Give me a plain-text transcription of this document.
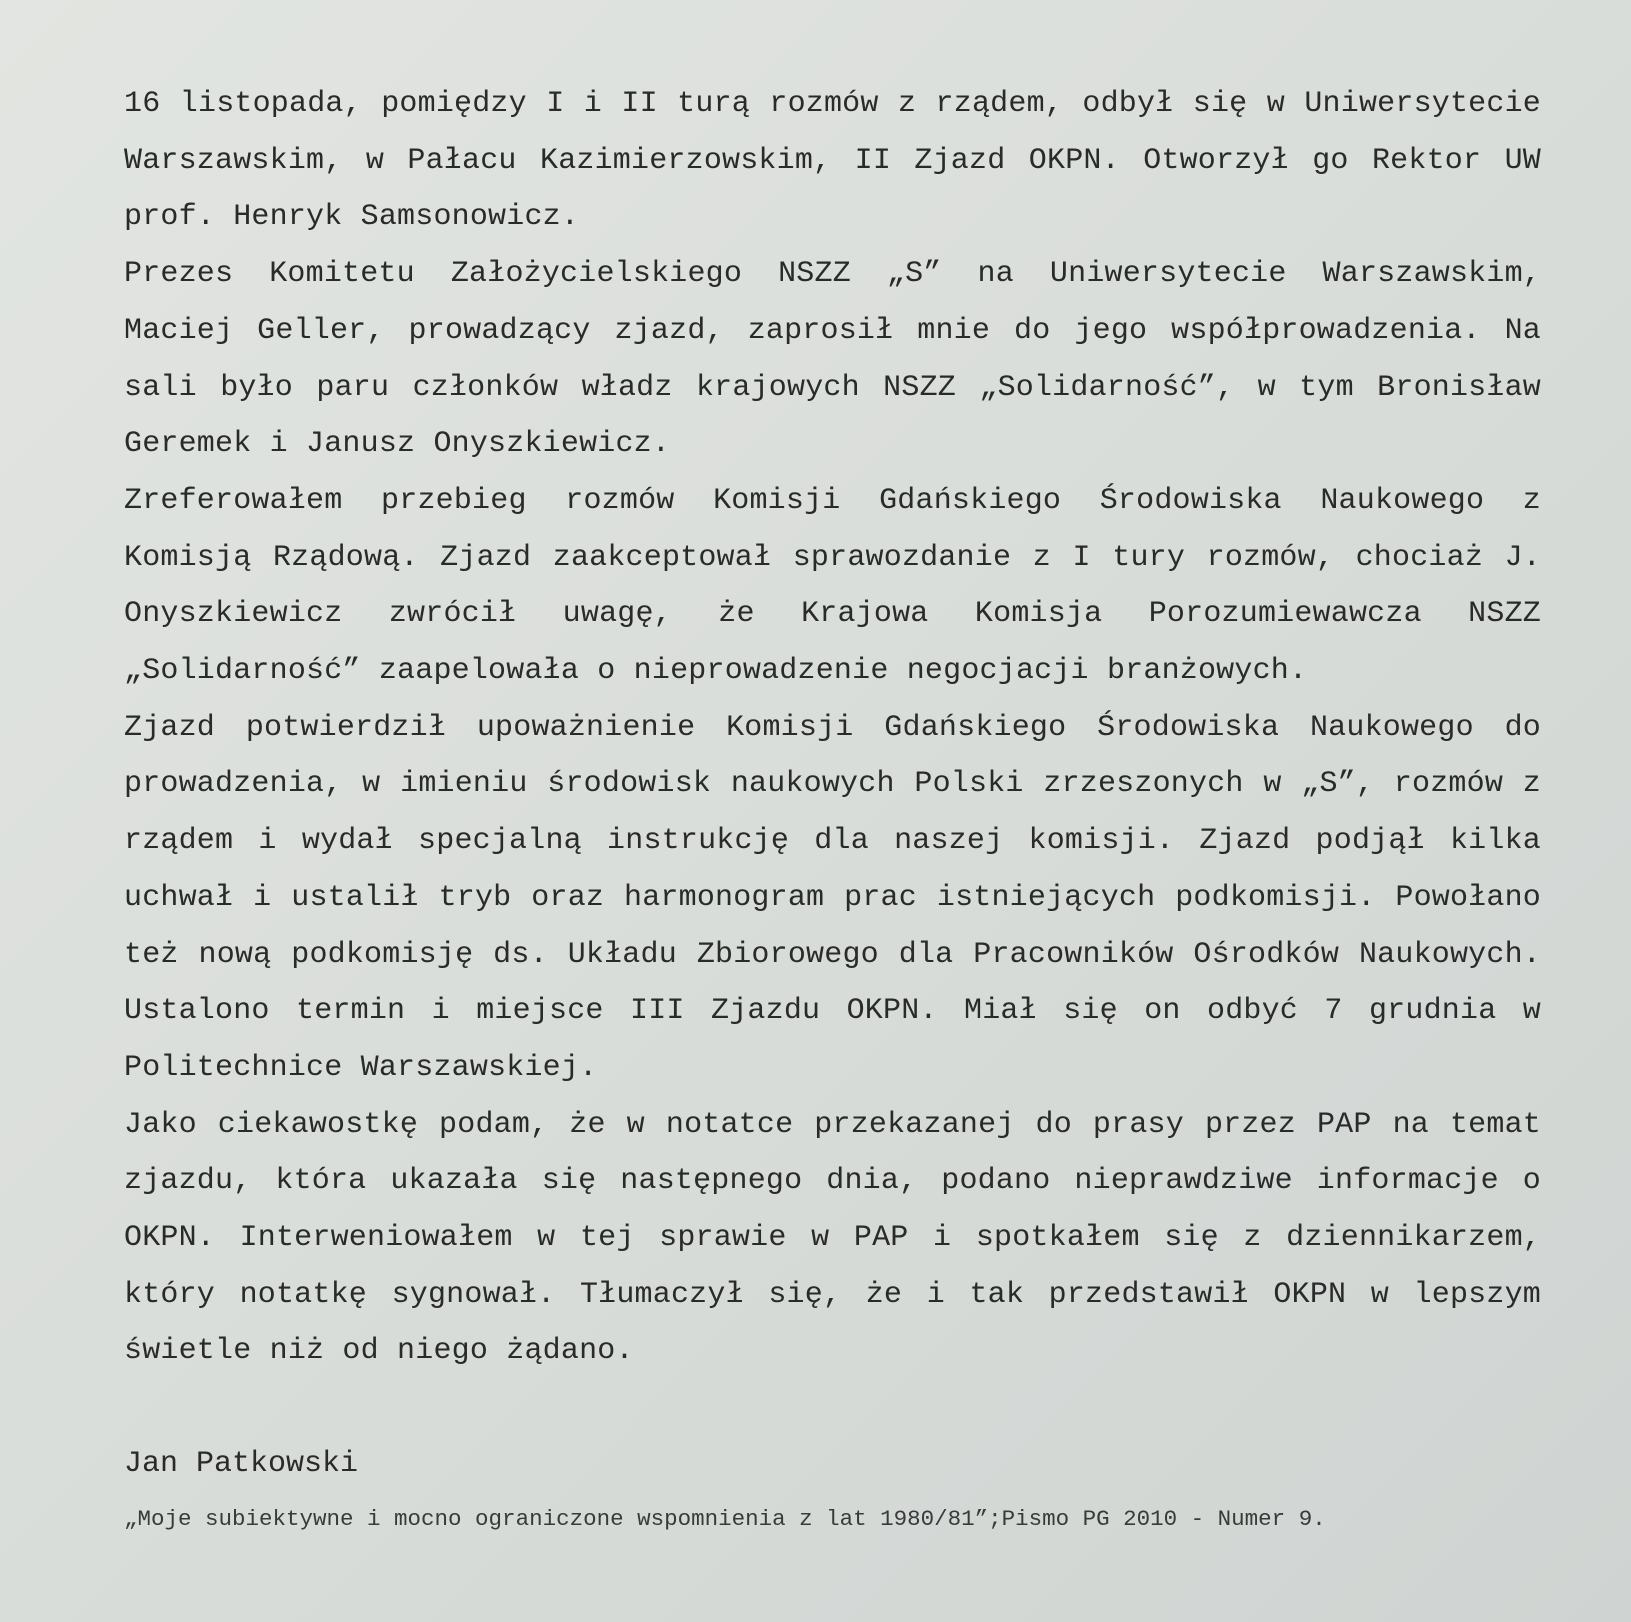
16 listopada, pomiędzy I i II turą rozmów z rządem, odbył się w Uniwersytecie Warszawskim, w Pałacu Kazimierzowskim, II Zjazd OKPN. Otworzył go Rektor UW prof. Henryk Samsonowicz.

Prezes Komitetu Założycielskiego NSZZ „S” na Uniwersytecie Warszawskim, Maciej Geller, prowadzący zjazd, zaprosił mnie do jego współprowadzenia. Na sali było paru członków władz krajowych NSZZ „Solidarność”, w tym Bronisław Geremek i Janusz Onyszkiewicz.

Zreferowałem przebieg rozmów Komisji Gdańskiego Środowiska Naukowego z Komisją Rządową. Zjazd zaakceptował sprawozdanie z I tury rozmów, chociaż J. Onyszkiewicz zwrócił uwagę, że Krajowa Komisja Porozumiewawcza NSZZ „Solidarność” zaapelowała o nieprowadzenie negocjacji branżowych.

Zjazd potwierdził upoważnienie Komisji Gdańskiego Środowiska Naukowego do prowadzenia, w imieniu środowisk naukowych Polski zrzeszonych w „S”, rozmów z rządem i wydał specjalną instrukcję dla naszej komisji. Zjazd podjął kilka uchwał i ustalił tryb oraz harmonogram prac istniejących podkomisji. Powołano też nową podkomisję ds. Układu Zbiorowego dla Pracowników Ośrodków Naukowych. Ustalono termin i miejsce III Zjazdu OKPN. Miał się on odbyć 7 grudnia w Politechnice Warszawskiej.

Jako ciekawostkę podam, że w notatce przekazanej do prasy przez PAP na temat zjazdu, która ukazała się następnego dnia, podano nieprawdziwe informacje o OKPN. Interweniowałem w tej sprawie w PAP i spotkałem się z dziennikarzem, który notatkę sygnował. Tłumaczył się, że i tak przedstawił OKPN w lepszym świetle niż od niego żądano.

Jan Patkowski
„Moje subiektywne i mocno ograniczone wspomnienia z lat 1980/81”;Pismo PG 2010 - Numer 9.
